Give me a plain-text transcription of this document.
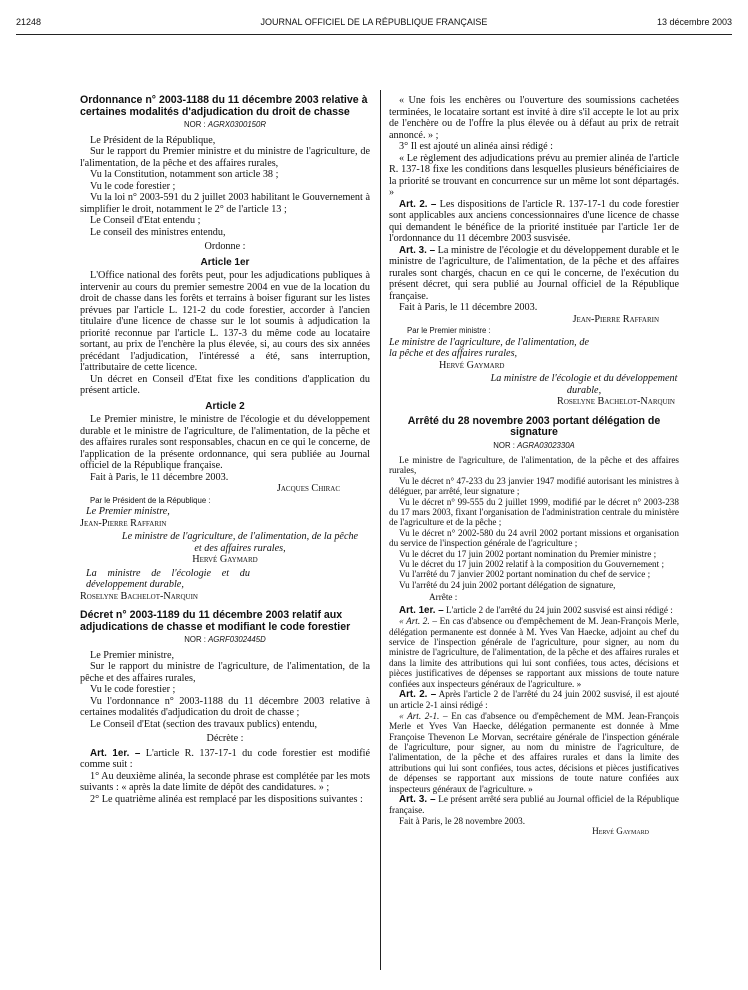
21248	JOURNAL OFFICIEL DE LA RÉPUBLIQUE FRANÇAISE	13 décembre 2003

Ordonnance n° 2003-1188 du 11 décembre 2003 relative à certaines modalités d'adjudication du droit de chasse

NOR : AGRX0300150R

Le Président de la République,

Sur le rapport du Premier ministre et du ministre de l'agriculture, de l'alimentation, de la pêche et des affaires rurales,

Vu la Constitution, notamment son article 38 ;

Vu le code forestier ;

Vu la loi n° 2003-591 du 2 juillet 2003 habilitant le Gouvernement à simplifier le droit, notamment le 2° de l'article 13 ;

Le Conseil d'Etat entendu ;

Le conseil des ministres entendu,

Ordonne :

Article 1er

L'Office national des forêts peut, pour les adjudications publiques à intervenir au cours du premier semestre 2004 en vue de la location du droit de chasse dans les forêts et terrains à boiser figurant sur les listes prévues par l'article L. 121-2 du code forestier, accorder à l'ancien titulaire d'une licence de chasse sur le lot soumis à adjudication la priorité reconnue par l'article L. 137-3 du même code au locataire sortant, au prix de l'enchère la plus élevée, si, au cours des six années précédant l'adjudication, l'intéressé a été, sans interruption, l'attributaire de cette licence.

Un décret en Conseil d'Etat fixe les conditions d'application du présent article.

Article 2

Le Premier ministre, le ministre de l'écologie et du développement durable et le ministre de l'agriculture, de l'alimentation, de la pêche et des affaires rurales sont responsables, chacun en ce qui le concerne, de l'application de la présente ordonnance, qui sera publiée au Journal officiel de la République française.

Fait à Paris, le 11 décembre 2003.

Jacques Chirac

Par le Président de la République :

Le Premier ministre,

Jean-Pierre Raffarin

Le ministre de l'agriculture, de l'alimentation, de la pêche et des affaires rurales,

Hervé Gaymard

La ministre de l'écologie et du développement durable,

Roselyne Bachelot-Narquin

Décret n° 2003-1189 du 11 décembre 2003 relatif aux adjudications de chasse et modifiant le code forestier

NOR : AGRF0302445D

Le Premier ministre,

Sur le rapport du ministre de l'agriculture, de l'alimentation, de la pêche et des affaires rurales,

Vu le code forestier ;

Vu l'ordonnance n° 2003-1188 du 11 décembre 2003 relative à certaines modalités d'adjudication du droit de chasse ;

Le Conseil d'Etat (section des travaux publics) entendu,

Décrète :

Art. 1er. – L'article R. 137-17-1 du code forestier est modifié comme suit :

1° Au deuxième alinéa, la seconde phrase est complétée par les mots suivants : « après la date limite de dépôt des candidatures. » ;

2° Le quatrième alinéa est remplacé par les dispositions suivantes :

« Une fois les enchères ou l'ouverture des soumissions cachetées terminées, le locataire sortant est invité à dire s'il accepte le lot au prix de l'enchère ou de l'offre la plus élevée ou à défaut au prix de retrait annoncé. » ;

3° Il est ajouté un alinéa ainsi rédigé :

« Le règlement des adjudications prévu au premier alinéa de l'article R. 137-18 fixe les conditions dans lesquelles plusieurs bénéficiaires de la priorité se trouvant en concurrence sur un même lot sont départagés. »

Art. 2. – Les dispositions de l'article R. 137-17-1 du code forestier sont applicables aux anciens concessionnaires d'une licence de chasse qui demandent le bénéfice de la priorité instituée par l'article 1er de l'ordonnance du 11 décembre 2003 susvisée.

Art. 3. – La ministre de l'écologie et du développement durable et le ministre de l'agriculture, de l'alimentation, de la pêche et des affaires rurales sont chargés, chacun en ce qui le concerne, de l'exécution du présent décret, qui sera publié au Journal officiel de la République française.

Fait à Paris, le 11 décembre 2003.

Jean-Pierre Raffarin

Par le Premier ministre :

Le ministre de l'agriculture, de l'alimentation, de la pêche et des affaires rurales,

Hervé Gaymard

La ministre de l'écologie et du développement durable,

Roselyne Bachelot-Narquin

Arrêté du 28 novembre 2003 portant délégation de signature

NOR : AGRA0302330A

Le ministre de l'agriculture, de l'alimentation, de la pêche et des affaires rurales,

Vu le décret n° 47-233 du 23 janvier 1947 modifié autorisant les ministres à déléguer, par arrêté, leur signature ;

Vu le décret n° 99-555 du 2 juillet 1999, modifié par le décret n° 2003-238 du 17 mars 2003, fixant l'organisation de l'administration centrale du ministère de l'agriculture et de la pêche ;

Vu le décret n° 2002-580 du 24 avril 2002 portant missions et organisation du service de l'inspection générale de l'agriculture ;

Vu le décret du 17 juin 2002 portant nomination du Premier ministre ;

Vu le décret du 17 juin 2002 relatif à la composition du Gouvernement ;

Vu l'arrêté du 7 janvier 2002 portant nomination du chef de service ;

Vu l'arrêté du 24 juin 2002 portant délégation de signature,

Arrête :

Art. 1er. – L'article 2 de l'arrêté du 24 juin 2002 susvisé est ainsi rédigé :

« Art. 2. – En cas d'absence ou d'empêchement de M. Jean-François Merle, délégation permanente est donnée à M. Yves Van Haecke, adjoint au chef du service de l'inspection générale de l'agriculture, pour signer, au nom du ministre de l'agriculture, de l'alimentation, de la pêche et des affaires rurales et dans la limite des attributions qui lui sont confiées, tous actes, décisions et pièces justificatives de dépenses se rapportant aux missions de toute nature confiées aux inspecteurs généraux de l'agriculture. »

Art. 2. – Après l'article 2 de l'arrêté du 24 juin 2002 susvisé, il est ajouté un article 2-1 ainsi rédigé :

« Art. 2-1. – En cas d'absence ou d'empêchement de MM. Jean-François Merle et Yves Van Haecke, délégation permanente est donnée à Mme Françoise Thevenon Le Morvan, secrétaire générale de l'inspection générale de l'agriculture, pour signer, au nom du ministre de l'agriculture, de l'alimentation, de la pêche et des affaires rurales et dans la limite des attributions qui lui sont confiées, tous actes, décisions et pièces justificatives de dépenses se rapportant aux missions de toute nature confiées aux inspecteurs généraux de l'agriculture. »

Art. 3. – Le présent arrêté sera publié au Journal officiel de la République française.

Fait à Paris, le 28 novembre 2003.

Hervé Gaymard
